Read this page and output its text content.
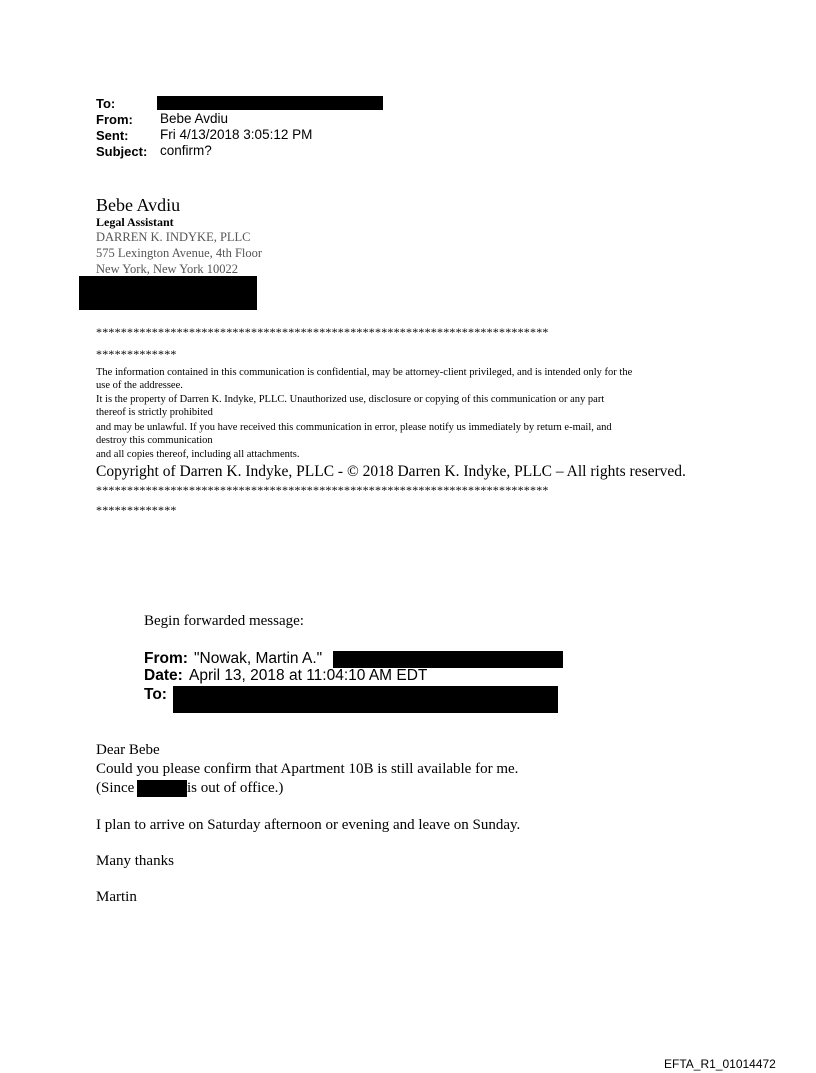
To:
From: Bebe Avdiu
Sent: Fri 4/13/2018 3:05:12 PM
Subject: confirm?
Bebe Avdiu
Legal Assistant
DARREN K. INDYKE, PLLC
575 Lexington Avenue, 4th Floor
New York, New York 10022
*************************************************************************
*************
The information contained in this communication is confidential, may be attorney-client privileged, and is intended only for the
use of the addressee.
It is the property of Darren K. Indyke, PLLC. Unauthorized use, disclosure or copying of this communication or any part
thereof is strictly prohibited
and may be unlawful. If you have received this communication in error, please notify us immediately by return e-mail, and
destroy this communication
and all copies thereof, including all attachments.
Copyright of Darren K. Indyke, PLLC - © 2018 Darren K. Indyke, PLLC – All rights reserved.
*************************************************************************
*************
Begin forwarded message:
From: "Nowak, Martin A."
Date: April 13, 2018 at 11:04:10 AM EDT
To:
Dear Bebe
Could you please confirm that Apartment 10B is still available for me.
(Since	is out of office.)
I plan to arrive on Saturday afternoon or evening and leave on Sunday.
Many thanks
Martin
EFTA_R1_01014472
